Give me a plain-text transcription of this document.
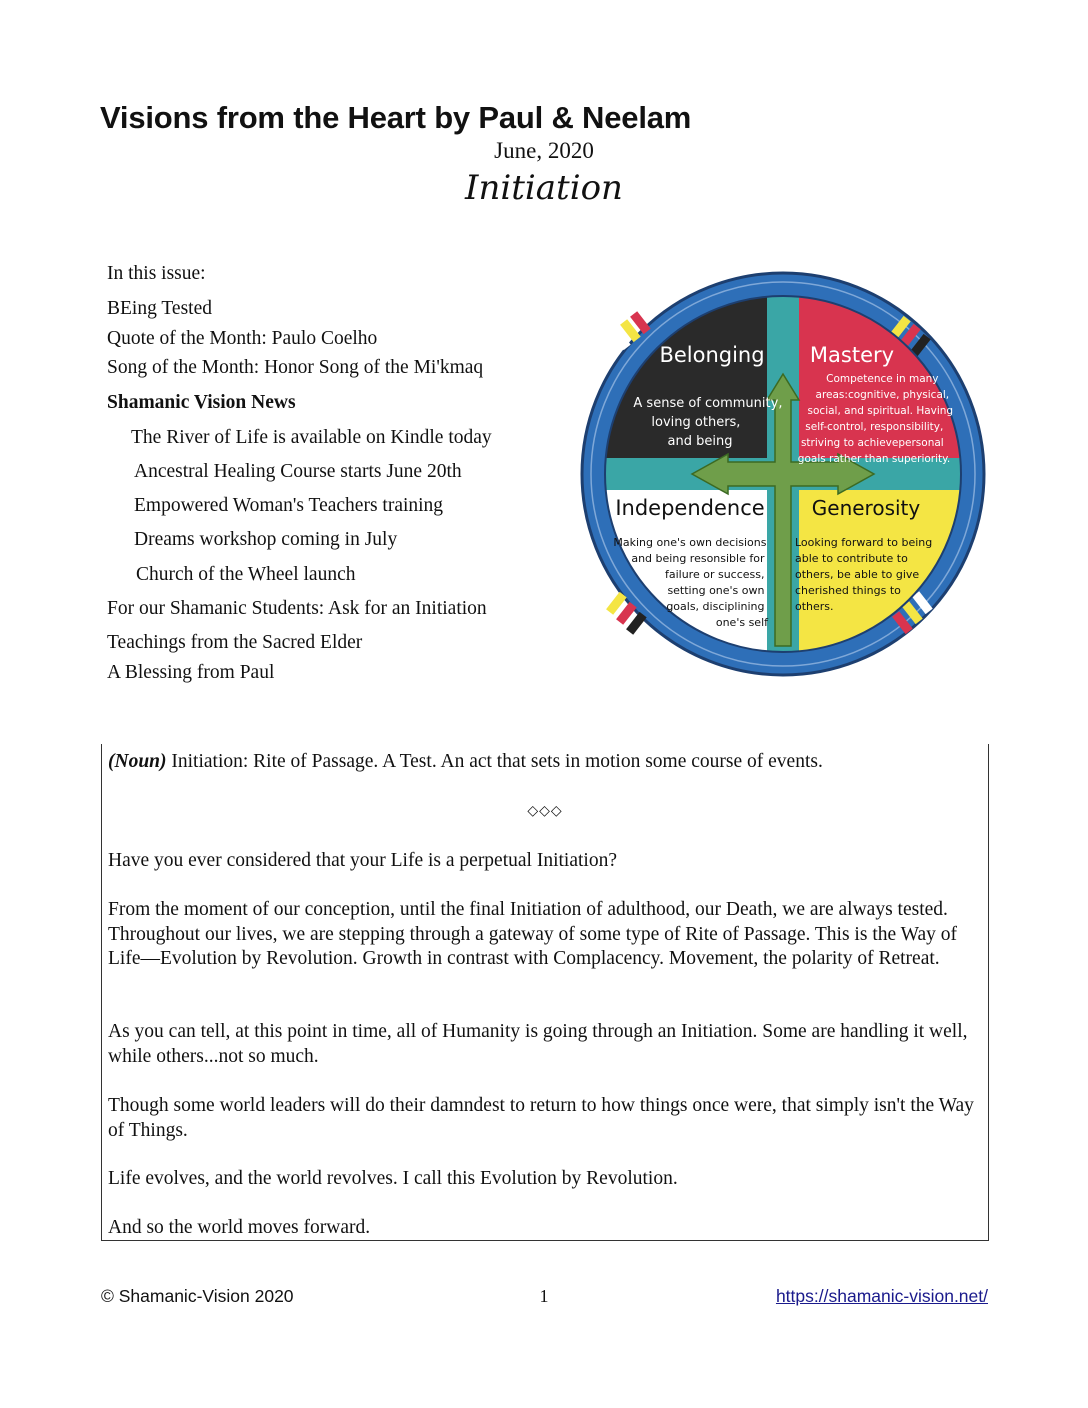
Visions from the Heart by Paul & Neelam
June, 2020
Initiation
In this issue:
BEing Tested
Quote of the Month: Paulo Coelho
Song of the Month: Honor Song of the Mi'kmaq
Shamanic Vision News
The River of Life is available on Kindle today
Ancestral Healing Course starts June 20th
Empowered Woman's Teachers training
Dreams workshop coming in July
Church of the Wheel launch
For our Shamanic Students: Ask for an Initiation
Teachings from the Sacred Elder
A Blessing from Paul
Belonging
A sense of community, loving others, and being
Mastery
Competence in many areas:cognitive, physical, social, and spiritual. Having self-control, responsibility, striving to achievepersonal goals rather than superiority.
Independence
Making one's own decisions and being resonsible for failure or success, setting one's own goals, disciplining one's self
Generosity
Looking forward to being able to contribute to others, be able to give cherished things to others.
(Noun) Initiation: Rite of Passage. A Test. An act that sets in motion some course of events.
◇◇◇
Have you ever considered that your Life is a perpetual Initiation?
From the moment of our conception, until the final Initiation of adulthood, our Death, we are always tested. Throughout our lives, we are stepping through a gateway of some type of Rite of Passage. This is the Way of Life—Evolution by Revolution. Growth in contrast with Complacency. Movement, the polarity of Retreat.
As you can tell, at this point in time, all of Humanity is going through an Initiation. Some are handling it well, while others...not so much.
Though some world leaders will do their damndest to return to how things once were, that simply isn't the Way of Things.
Life evolves, and the world revolves. I call this Evolution by Revolution.
And so the world moves forward.
© Shamanic-Vision 2020	1	https://shamanic-vision.net/
